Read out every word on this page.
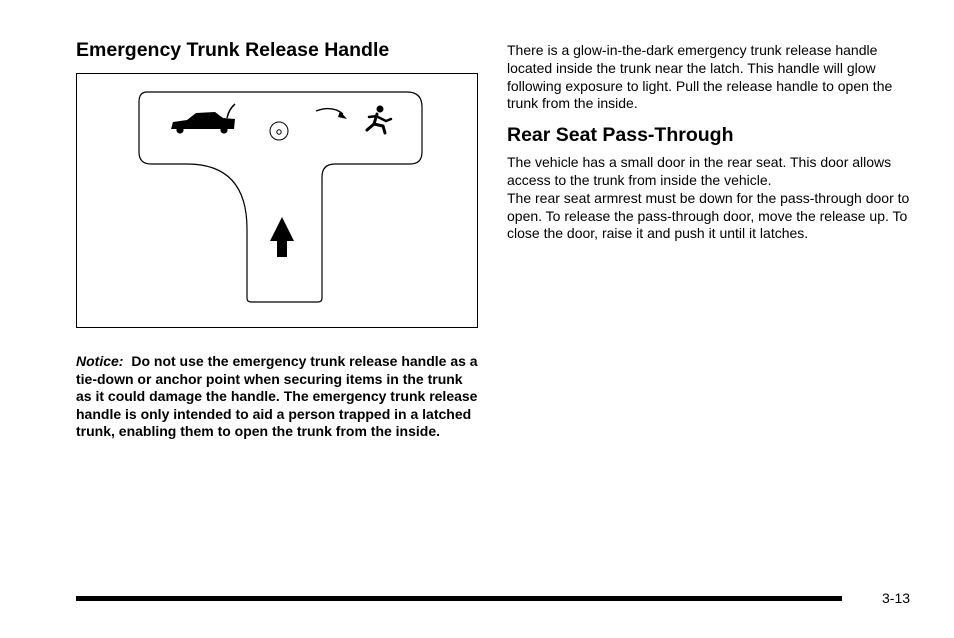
Emergency Trunk Release Handle
Notice: Do not use the emergency trunk release handle as a tie-down or anchor point when securing items in the trunk as it could damage the handle. The emergency trunk release handle is only intended to aid a person trapped in a latched trunk, enabling them to open the trunk from the inside.

There is a glow-in-the-dark emergency trunk release handle located inside the trunk near the latch. This handle will glow following exposure to light. Pull the release handle to open the trunk from the inside.

Rear Seat Pass-Through

The vehicle has a small door in the rear seat. This door allows access to the trunk from inside the vehicle.

The rear seat armrest must be down for the pass-through door to open. To release the pass-through door, move the release up. To close the door, raise it and push it until it latches.

3-13
